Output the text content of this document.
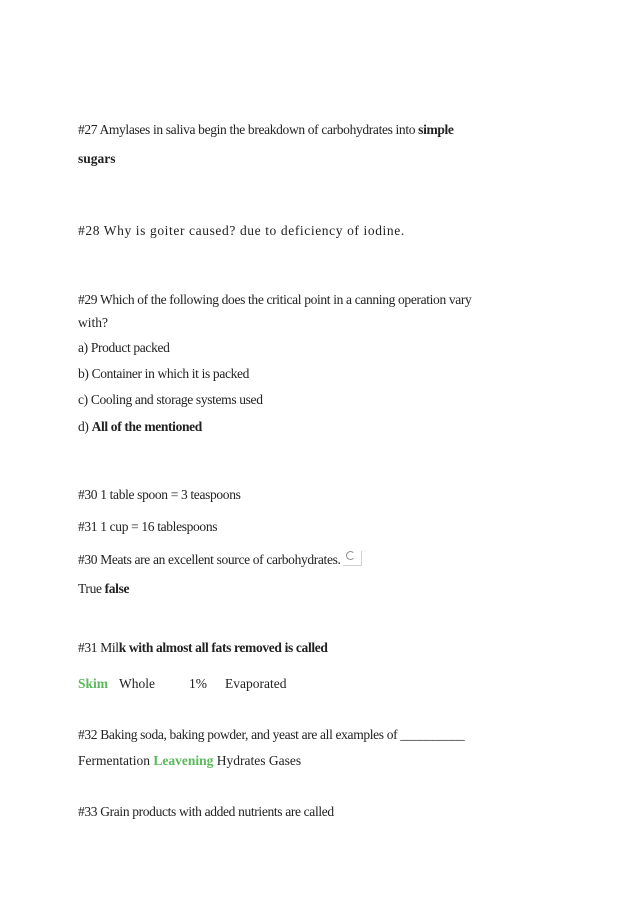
#27 Amylases in saliva begin the breakdown of carbohydrates into simple
sugars
#28 Why is goiter caused? due to deficiency of iodine.
#29 Which of the following does the critical point in a canning operation vary
with?
a) Product packed
b) Container in which it is packed
c) Cooling and storage systems used
d) All of the mentioned
#30 1 table spoon = 3 teaspoons
#31 1 cup = 16 tablespoons
#30 Meats are an excellent source of carbohydrates.
True false
#31 Milk with almost all fats removed is called
Skim Whole	1% Evaporated
#32 Baking soda, baking powder, and yeast are all examples of __________
Fermentation Leavening Hydrates Gases
#33 Grain products with added nutrients are called
